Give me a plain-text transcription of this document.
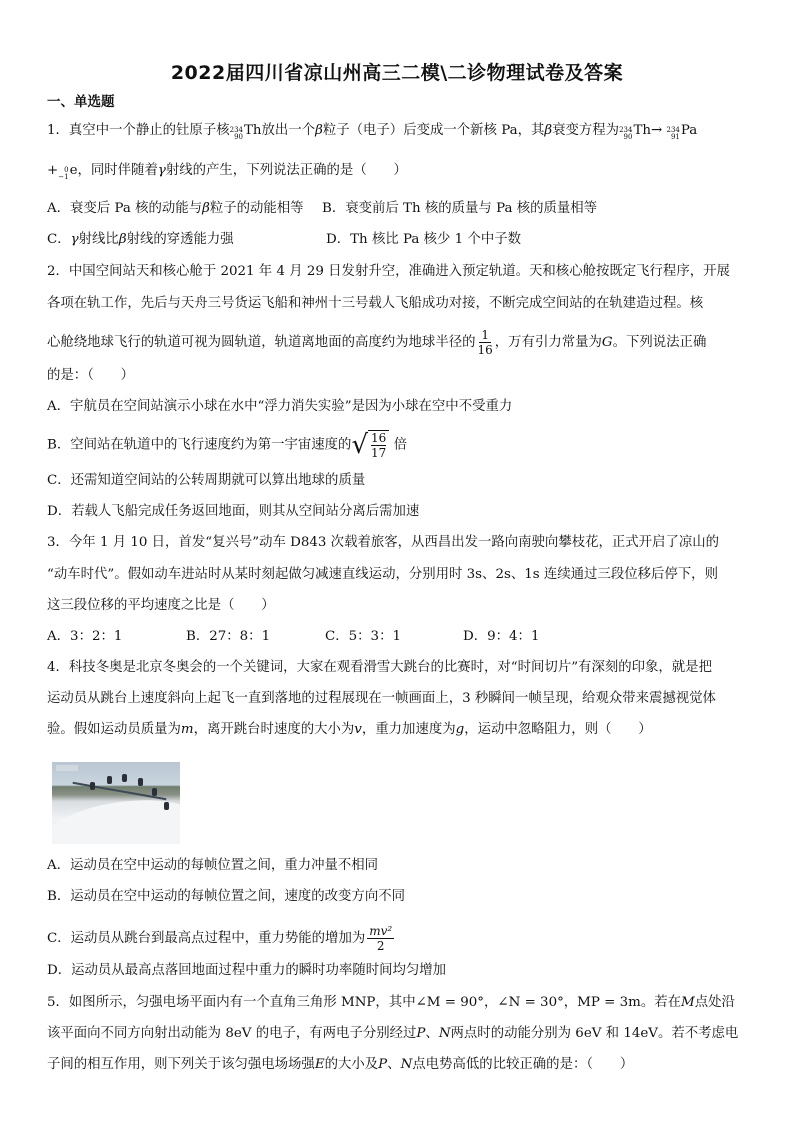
2022届四川省凉山州高三二模\二诊物理试卷及答案
一、单选题
1．真空中一个静止的钍原子核 234
90 Th放出一个β粒子（电子）后变成一个新核 Pa，其β衰变方程为 234
90 Th→ 234
91 Pa
+ 0
−1 e，同时伴随着γ射线的产生，下列说法正确的是（　　）
A．衰变后 Pa 核的动能与β粒子的动能相等 B．衰变前后 Th 核的质量与 Pa 核的质量相等
C．γ射线比β射线的穿透能力强	D．Th 核比 Pa 核少 1 个中子数
2．中国空间站天和核心舱于 2021 年 4 月 29 日发射升空，准确进入预定轨道。天和核心舱按既定飞行程序，开展
各项在轨工作，先后与天舟三号货运飞船和神州十三号载人飞船成功对接，不断完成空间站的在轨建造过程。核
心舱绕地球飞行的轨道可视为圆轨道，轨道离地面的高度约为地球半径的 $\frac{1}{16}$ ，万有引力常量为G。下列说法正确
的是：（　　）
A．宇航员在空间站演示小球在水中“浮力消失实验”是因为小球在空中不受重力
B．空间站在轨道中的飞行速度约为第一宇宙速度的 √ 16
17
倍
C．还需知道空间站的公转周期就可以算出地球的质量
D．若载人飞船完成任务返回地面，则其从空间站分离后需加速
3．今年 1 月 10 日，首发“复兴号”动车 D843 次载着旅客，从西昌出发一路向南驶向攀枝花，正式开启了凉山的
“动车时代”。假如动车进站时从某时刻起做匀减速直线运动，分别用时 3s、2s、1s 连续通过三段位移后停下，则
这三段位移的平均速度之比是（　　）
A．3：2：1	B．27：8：1	C．5：3：1	D．9：4：1
4．科技冬奥是北京冬奥会的一个关键词，大家在观看滑雪大跳台的比赛时，对“时间切片”有深刻的印象，就是把
运动员从跳台上速度斜向上起飞一直到落地的过程展现在一帧画面上，3 秒瞬间一帧呈现，给观众带来震撼视觉体
验。假如运动员质量为m，离开跳台时速度的大小为v，重力加速度为g，运动中忽略阻力，则（　　）
A．运动员在空中运动的每帧位置之间，重力冲量不相同
B．运动员在空中运动的每帧位置之间，速度的改变方向不同
C．运动员从跳台到最高点过程中，重力势能的增加为 $\frac{\text{mv²}}{2}$
D．运动员从最高点落回地面过程中重力的瞬时功率随时间均匀增加
5．如图所示，匀强电场平面内有一个直角三角形 MNP，其中∠M = 90°，∠N = 30°，MP = 3m。若在M点处沿
该平面向不同方向射出动能为 8eV 的电子，有两电子分别经过P、N两点时的动能分别为 6eV 和 14eV。若不考虑电
子间的相互作用，则下列关于该匀强电场场强E的大小及P、N点电势高低的比较正确的是：（　　）
